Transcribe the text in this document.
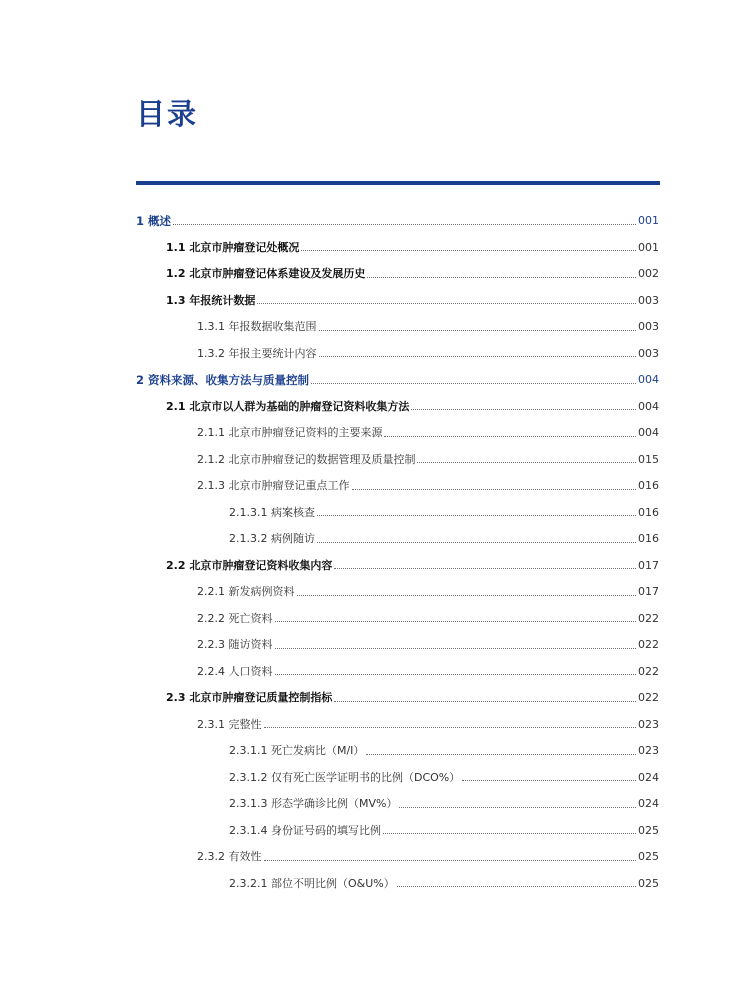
目录
1 概述	001
1.1 北京市肿瘤登记处概况	001
1.2 北京市肿瘤登记体系建设及发展历史	002
1.3 年报统计数据	003
1.3.1 年报数据收集范围	003
1.3.2 年报主要统计内容	003
2 资料来源、收集方法与质量控制	004
2.1 北京市以人群为基础的肿瘤登记资料收集方法	004
2.1.1 北京市肿瘤登记资料的主要来源	004
2.1.2 北京市肿瘤登记的数据管理及质量控制	015
2.1.3 北京市肿瘤登记重点工作	016
2.1.3.1 病案核查	016
2.1.3.2 病例随访	016
2.2 北京市肿瘤登记资料收集内容	017
2.2.1 新发病例资料	017
2.2.2 死亡资料	022
2.2.3 随访资料	022
2.2.4 人口资料	022
2.3 北京市肿瘤登记质量控制指标	022
2.3.1 完整性	023
2.3.1.1 死亡发病比（M/I）	023
2.3.1.2 仅有死亡医学证明书的比例（DCO%）	024
2.3.1.3 形态学确诊比例（MV%）	024
2.3.1.4 身份证号码的填写比例	025
2.3.2 有效性	025
2.3.2.1 部位不明比例（O&U%）	025
